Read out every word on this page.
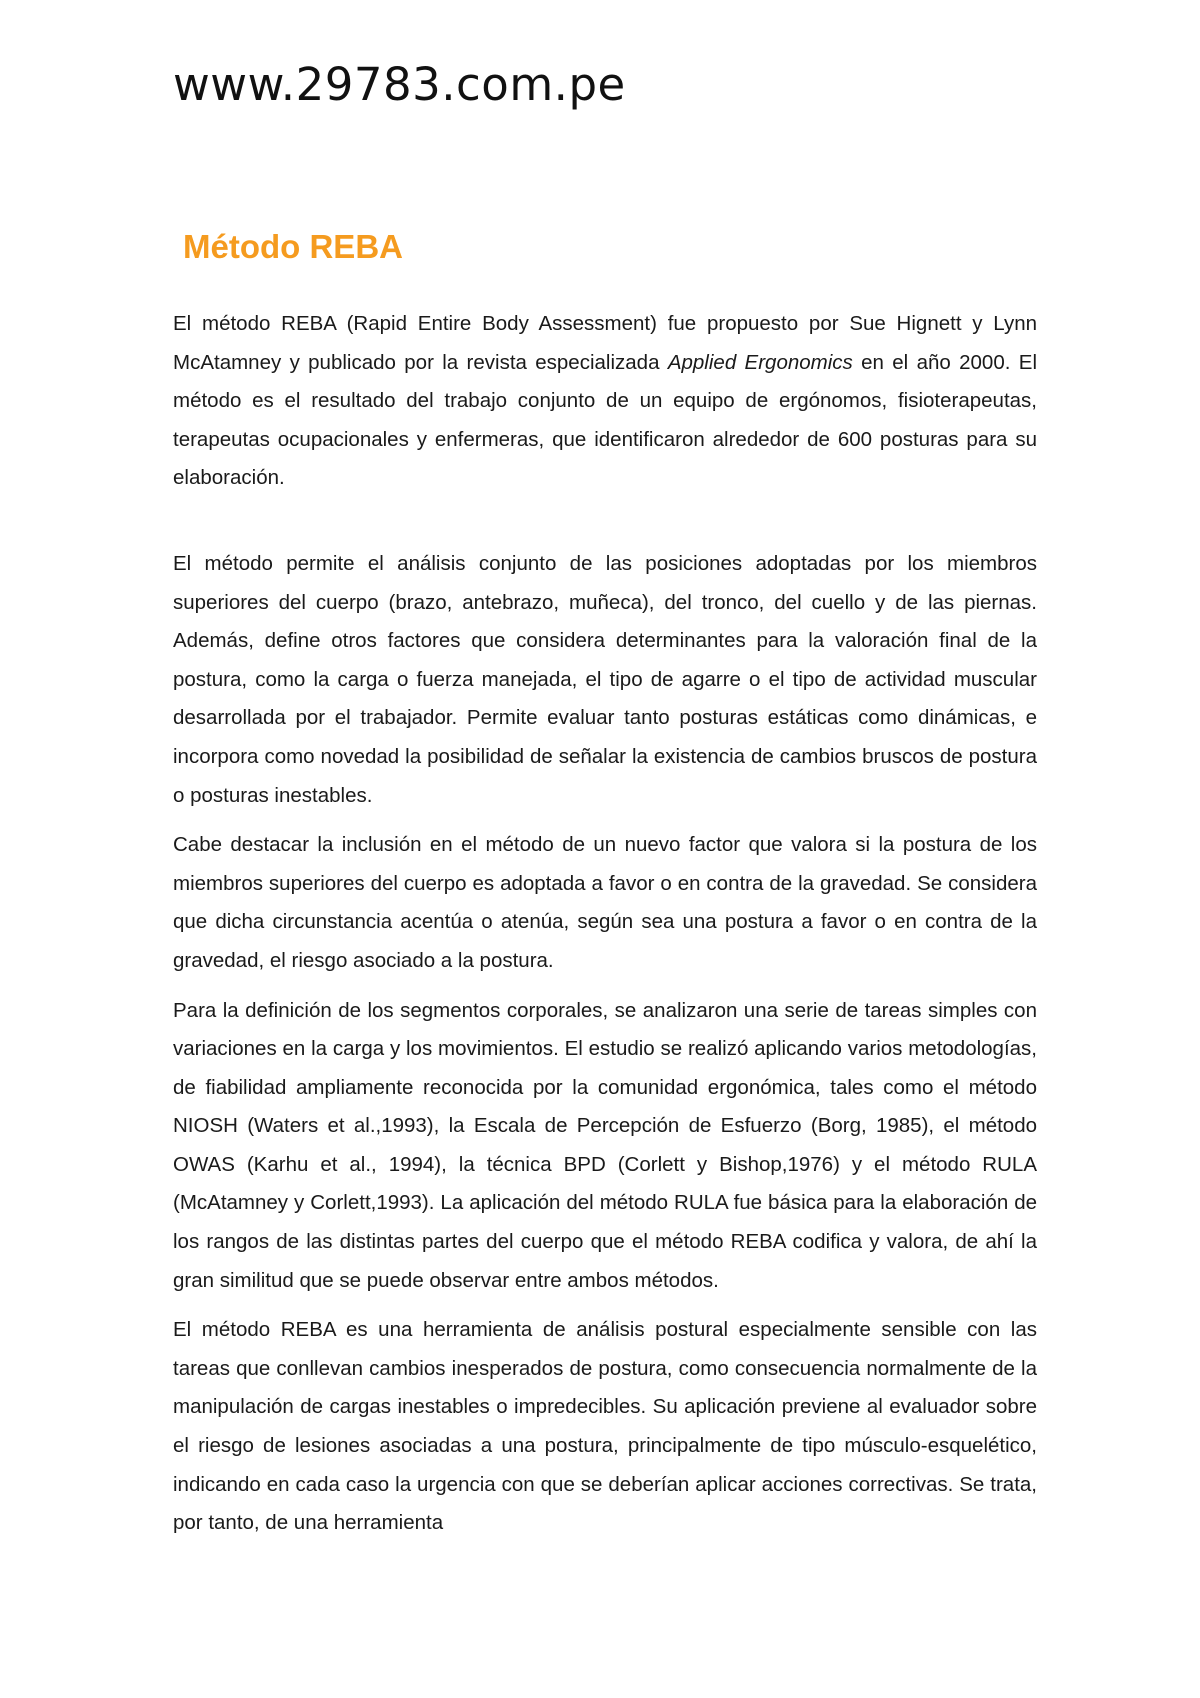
www.29783.com.pe
Método REBA

El método REBA (Rapid Entire Body Assessment) fue propuesto por Sue Hignett y Lynn McAtamney y publicado por la revista especializada Applied Ergonomics en el año 2000. El método es el resultado del trabajo conjunto de un equipo de ergónomos, fisioterapeutas, terapeutas ocupacionales y enfermeras, que identificaron alrededor de 600 posturas para su elaboración.

El método permite el análisis conjunto de las posiciones adoptadas por los miembros superiores del cuerpo (brazo, antebrazo, muñeca), del tronco, del cuello y de las piernas. Además, define otros factores que considera determinantes para la valoración final de la postura, como la carga o fuerza manejada, el tipo de agarre o el tipo de actividad muscular desarrollada por el trabajador. Permite evaluar tanto posturas estáticas como dinámicas, e incorpora como novedad la posibilidad de señalar la existencia de cambios bruscos de postura o posturas inestables.

Cabe destacar la inclusión en el método de un nuevo factor que valora si la postura de los miembros superiores del cuerpo es adoptada a favor o en contra de la gravedad. Se considera que dicha circunstancia acentúa o atenúa, según sea una postura a favor o en contra de la gravedad, el riesgo asociado a la postura.

Para la definición de los segmentos corporales, se analizaron una serie de tareas simples con variaciones en la carga y los movimientos. El estudio se realizó aplicando varios metodologías, de fiabilidad ampliamente reconocida por la comunidad ergonómica, tales como el método NIOSH (Waters et al.,1993), la Escala de Percepción de Esfuerzo (Borg, 1985), el método OWAS (Karhu et al., 1994), la técnica BPD (Corlett y Bishop,1976) y el método RULA (McAtamney y Corlett,1993). La aplicación del método RULA fue básica para la elaboración de los rangos de las distintas partes del cuerpo que el método REBA codifica y valora, de ahí la gran similitud que se puede observar entre ambos métodos.

El método REBA es una herramienta de análisis postural especialmente sensible con las tareas que conllevan cambios inesperados de postura, como consecuencia normalmente de la manipulación de cargas inestables o impredecibles. Su aplicación previene al evaluador sobre el riesgo de lesiones asociadas a una postura, principalmente de tipo músculo-esquelético, indicando en cada caso la urgencia con que se deberían aplicar acciones correctivas. Se trata, por tanto, de una herramienta
